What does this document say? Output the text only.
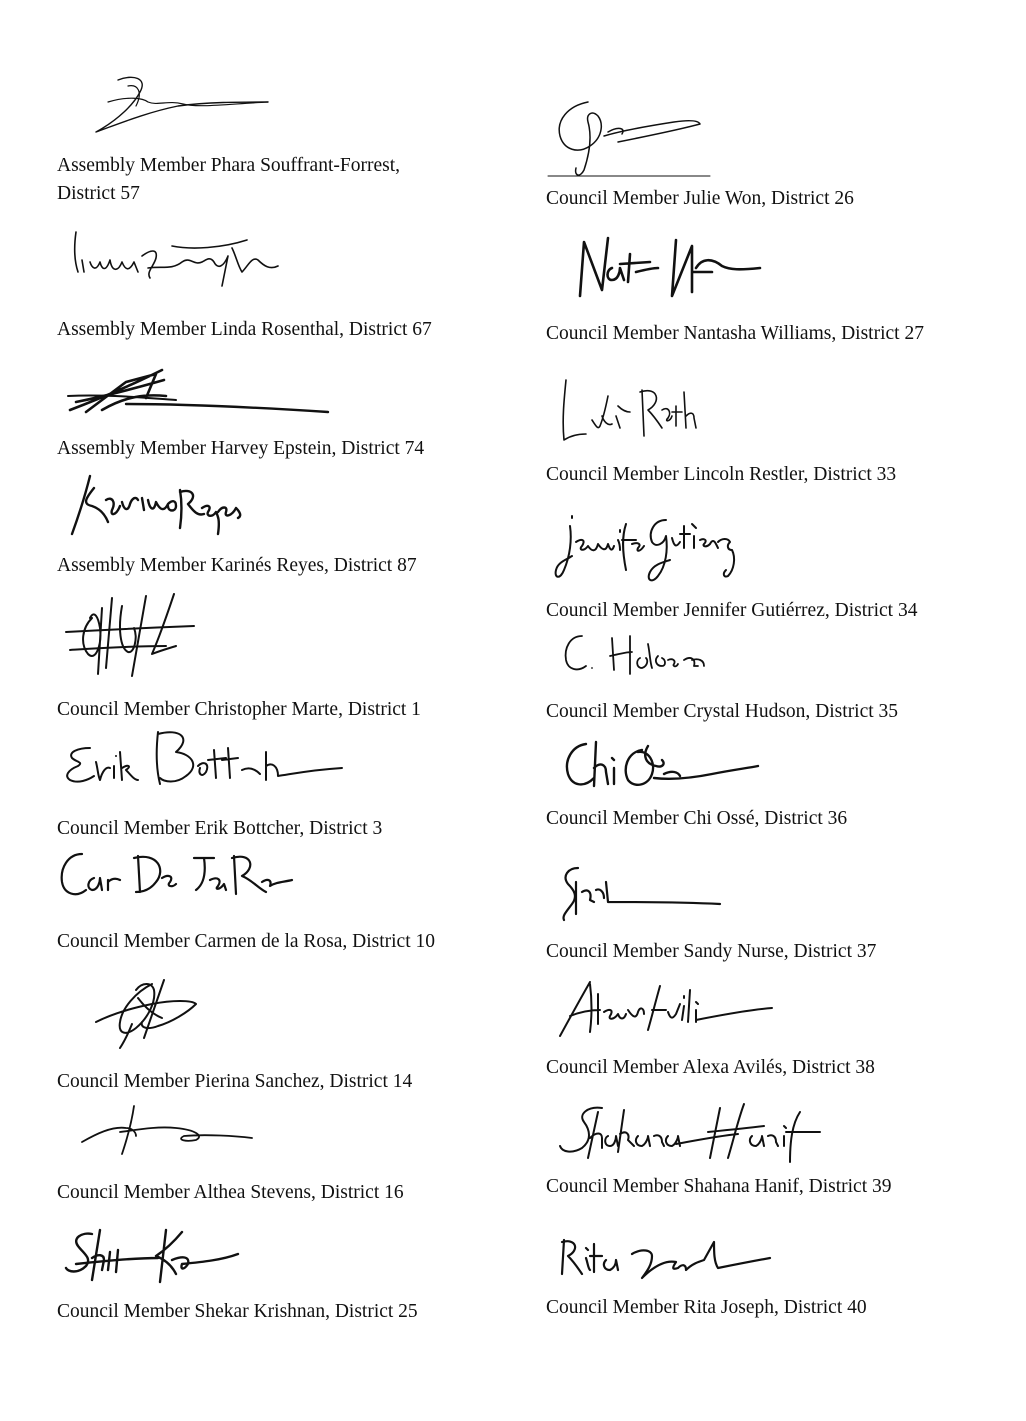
Assembly Member Phara Souffrant-Forrest,
District 57
Assembly Member Linda Rosenthal, District 67
Assembly Member Harvey Epstein, District 74
Assembly Member Karinés Reyes, District 87
Council Member Christopher Marte, District 1
Council Member Erik Bottcher, District 3
Council Member Carmen de la Rosa, District 10
Council Member Pierina Sanchez, District 14
Council Member Althea Stevens, District 16
Council Member Shekar Krishnan, District 25
Council Member Julie Won, District 26
Council Member Nantasha Williams, District 27
Council Member Lincoln Restler, District 33
Council Member Jennifer Gutiérrez, District 34
Council Member Crystal Hudson, District 35
Council Member Chi Ossé, District 36
Council Member Sandy Nurse, District 37
Council Member Alexa Avilés, District 38
Council Member Shahana Hanif, District 39
Council Member Rita Joseph, District 40
